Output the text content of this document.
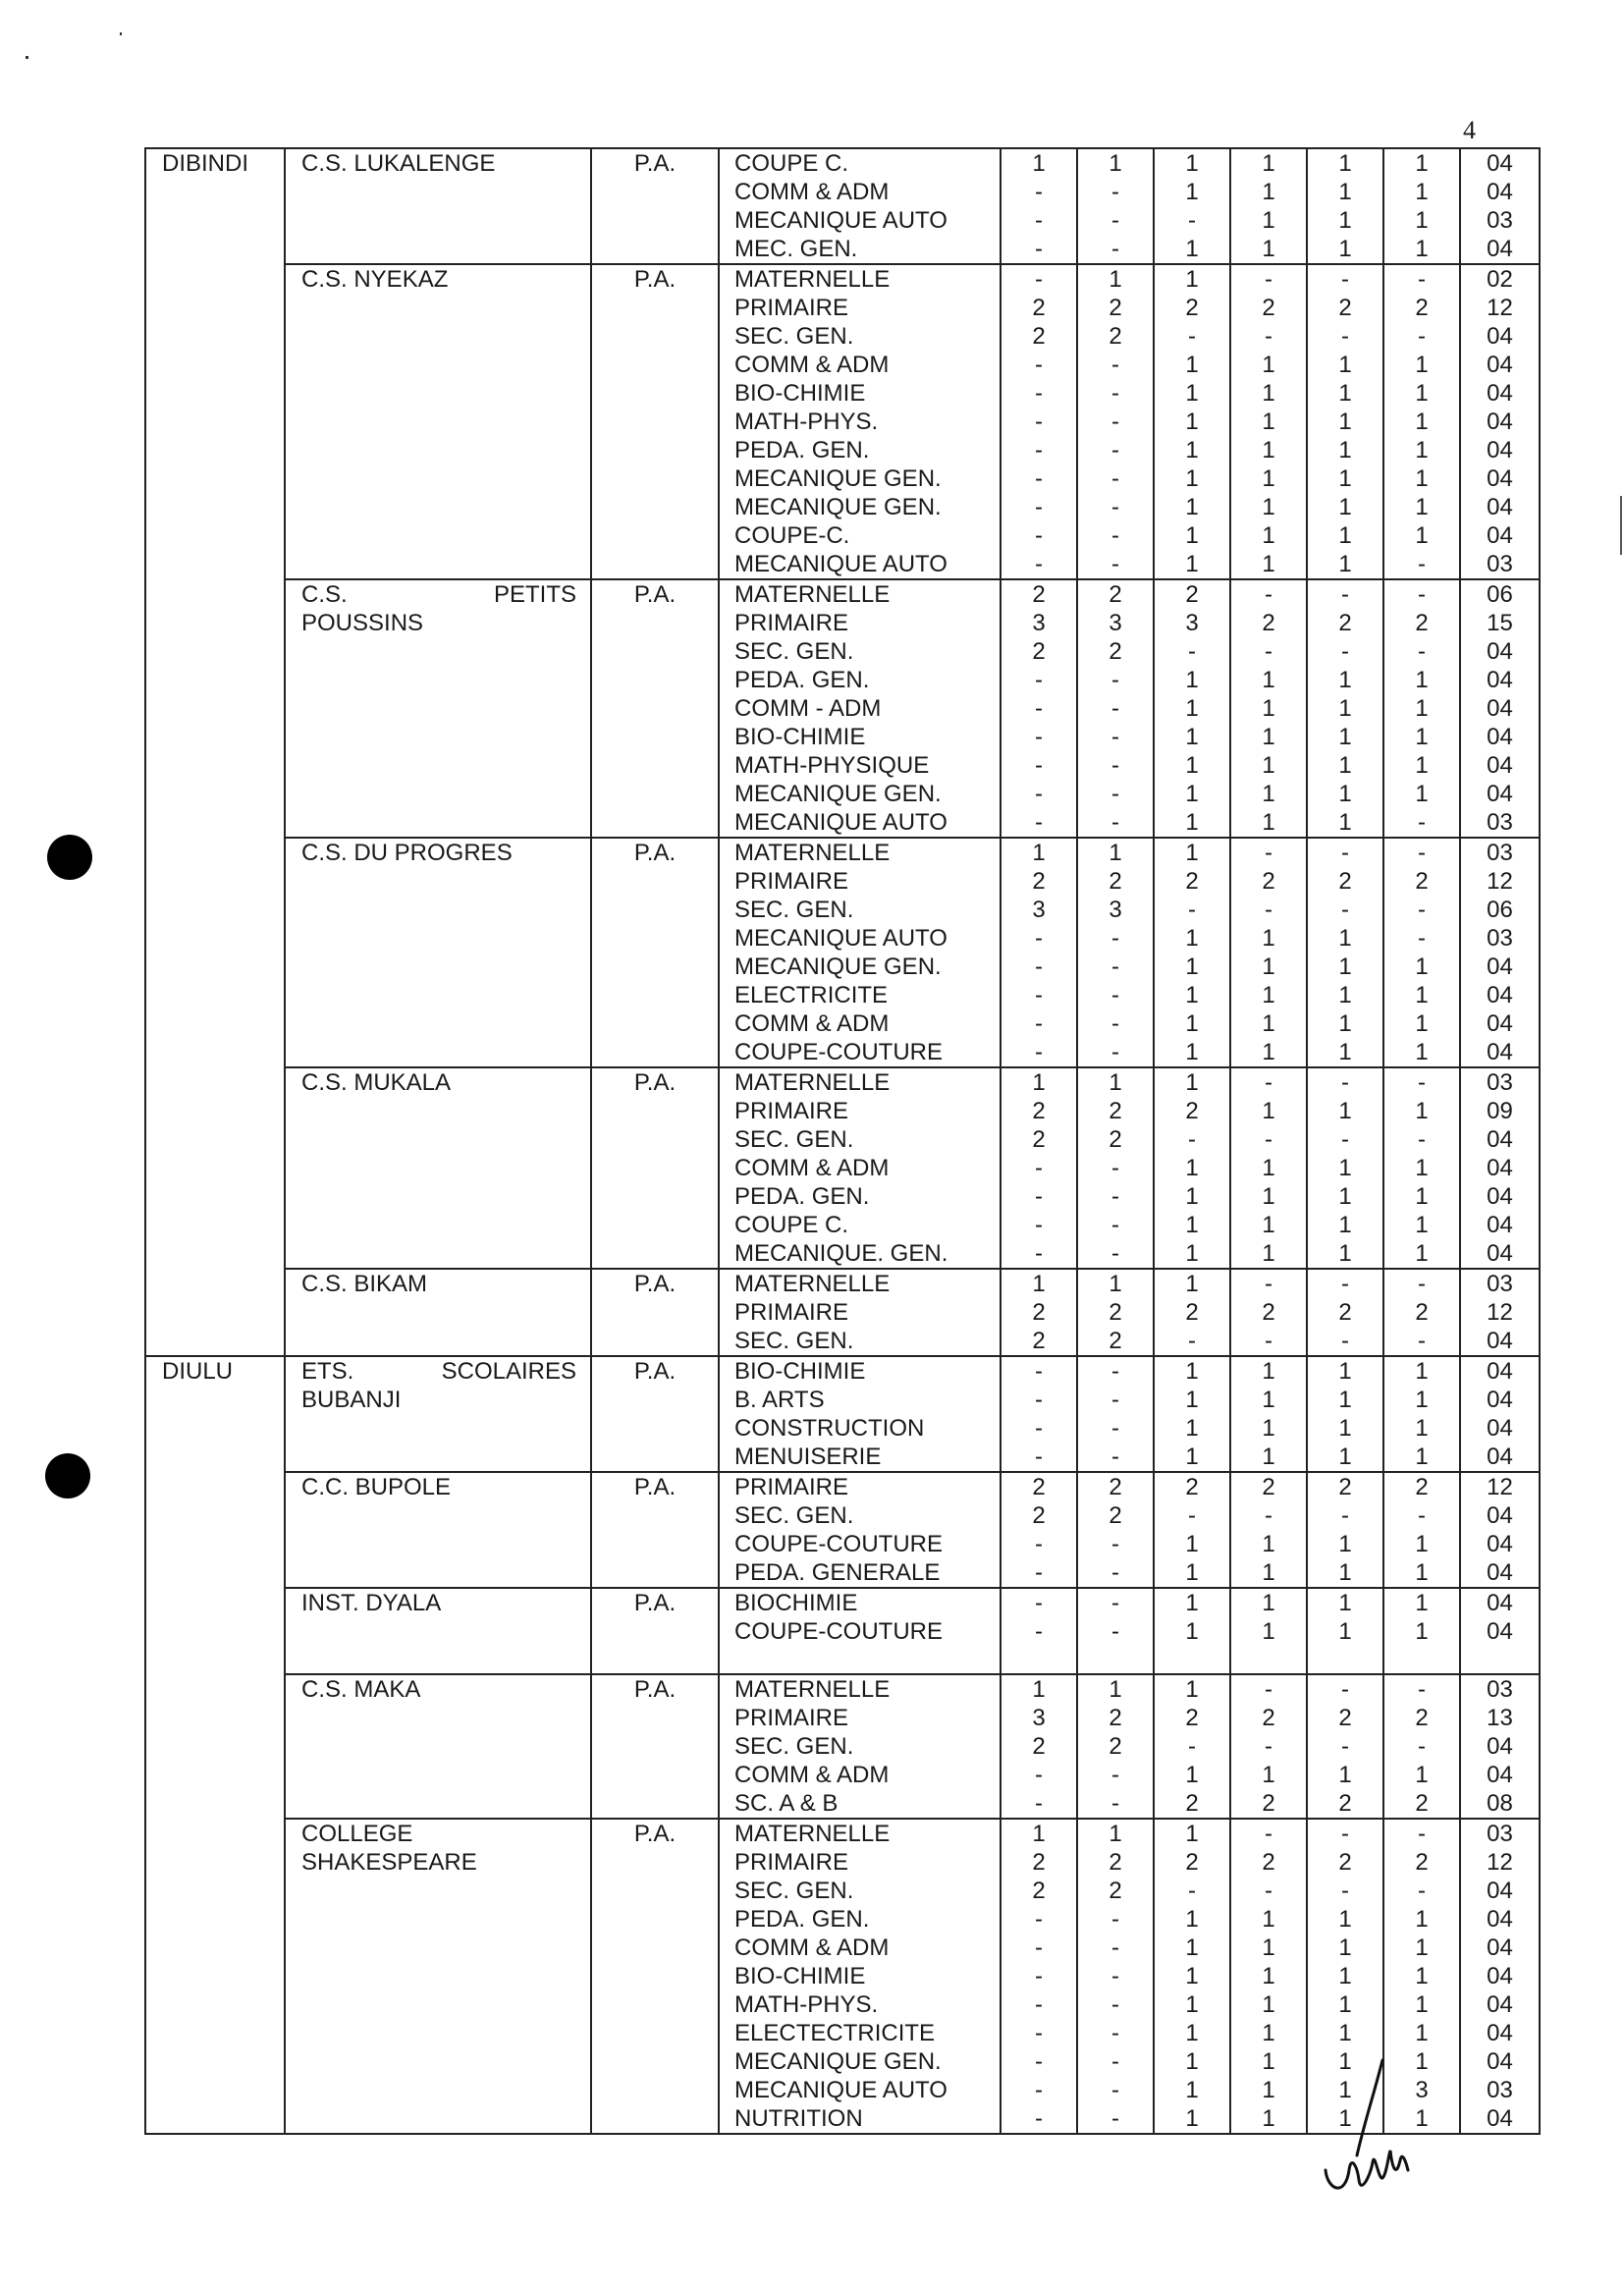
4
DIBINDI	C.S. LUKALENGE	P.A.	COUPE C.	1	1	1	1	1	1	04
			COMM & ADM	-	-	1	1	1	1	04
			MECANIQUE AUTO	-	-	-	1	1	1	03
			MEC. GEN.	-	-	1	1	1	1	04

	C.S. NYEKAZ	P.A.	MATERNELLE	-	1	1	-	-	-	02
			PRIMAIRE	2	2	2	2	2	2	12
			SEC. GEN.	2	2	-	-	-	-	04
			COMM & ADM	-	-	1	1	1	1	04
			BIO-CHIMIE	-	-	1	1	1	1	04
			MATH-PHYS.	-	-	1	1	1	1	04
			PEDA. GEN.	-	-	1	1	1	1	04
			MECANIQUE GEN.	-	-	1	1	1	1	04
			MECANIQUE GEN.	-	-	1	1	1	1	04
			COUPE-C.	-	-	1	1	1	1	04
			MECANIQUE AUTO	-	-	1	1	1	-	03

	C.S. PETITS	P.A.	MATERNELLE	2	2	2	-	-	-	06

	POUSSINS		PRIMAIRE	3	3	3	2	2	2	15
			SEC. GEN.	2	2	-	-	-	-	04
			PEDA. GEN.	-	-	1	1	1	1	04
			COMM - ADM	-	-	1	1	1	1	04
			BIO-CHIMIE	-	-	1	1	1	1	04
			MATH-PHYSIQUE	-	-	1	1	1	1	04
			MECANIQUE GEN.	-	-	1	1	1	1	04
			MECANIQUE AUTO	-	-	1	1	1	-	03

	C.S. DU PROGRES	P.A.	MATERNELLE	1	1	1	-	-	-	03
			PRIMAIRE	2	2	2	2	2	2	12
			SEC. GEN.	3	3	-	-	-	-	06
			MECANIQUE AUTO	-	-	1	1	1	-	03
			MECANIQUE GEN.	-	-	1	1	1	1	04
			ELECTRICITE	-	-	1	1	1	1	04
			COMM & ADM	-	-	1	1	1	1	04
			COUPE-COUTURE	-	-	1	1	1	1	04

	C.S. MUKALA	P.A.	MATERNELLE	1	1	1	-	-	-	03
			PRIMAIRE	2	2	2	1	1	1	09
			SEC. GEN.	2	2	-	-	-	-	04
			COMM & ADM	-	-	1	1	1	1	04
			PEDA. GEN.	-	-	1	1	1	1	04
			COUPE C.	-	-	1	1	1	1	04
			MECANIQUE. GEN.	-	-	1	1	1	1	04

	C.S. BIKAM	P.A.	MATERNELLE	1	1	1	-	-	-	03
			PRIMAIRE	2	2	2	2	2	2	12
			SEC. GEN.	2	2	-	-	-	-	04
DIULU	ETS. SCOLAIRES	P.A.	BIO-CHIMIE	-	-	1	1	1	1	04

	BUBANJI		B. ARTS	-	-	1	1	1	1	04
			CONSTRUCTION	-	-	1	1	1	1	04
			MENUISERIE	-	-	1	1	1	1	04

	C.C. BUPOLE	P.A.	PRIMAIRE	2	2	2	2	2	2	12
			SEC. GEN.	2	2	-	-	-	-	04
			COUPE-COUTURE	-	-	1	1	1	1	04
			PEDA. GENERALE	-	-	1	1	1	1	04

	INST. DYALA	P.A.	BIOCHIMIE	-	-	1	1	1	1	04
			COUPE-COUTURE	-	-	1	1	1	1	04

	C.S. MAKA	P.A.	MATERNELLE	1	1	1	-	-	-	03
			PRIMAIRE	3	2	2	2	2	2	13
			SEC. GEN.	2	2	-	-	-	-	04
			COMM & ADM	-	-	1	1	1	1	04
			SC. A & B	-	-	2	2	2	2	08

	COLLEGE	P.A.	MATERNELLE	1	1	1	-	-	-	03

	SHAKESPEARE		PRIMAIRE	2	2	2	2	2	2	12
			SEC. GEN.	2	2	-	-	-	-	04
			PEDA. GEN.	-	-	1	1	1	1	04
			COMM & ADM	-	-	1	1	1	1	04
			BIO-CHIMIE	-	-	1	1	1	1	04
			MATH-PHYS.	-	-	1	1	1	1	04
			ELECTECTRICITE	-	-	1	1	1	1	04
			MECANIQUE GEN.	-	-	1	1	1	1	04
			MECANIQUE AUTO	-	-	1	1	1	3	03
			NUTRITION	-	-	1	1	1	1	04
